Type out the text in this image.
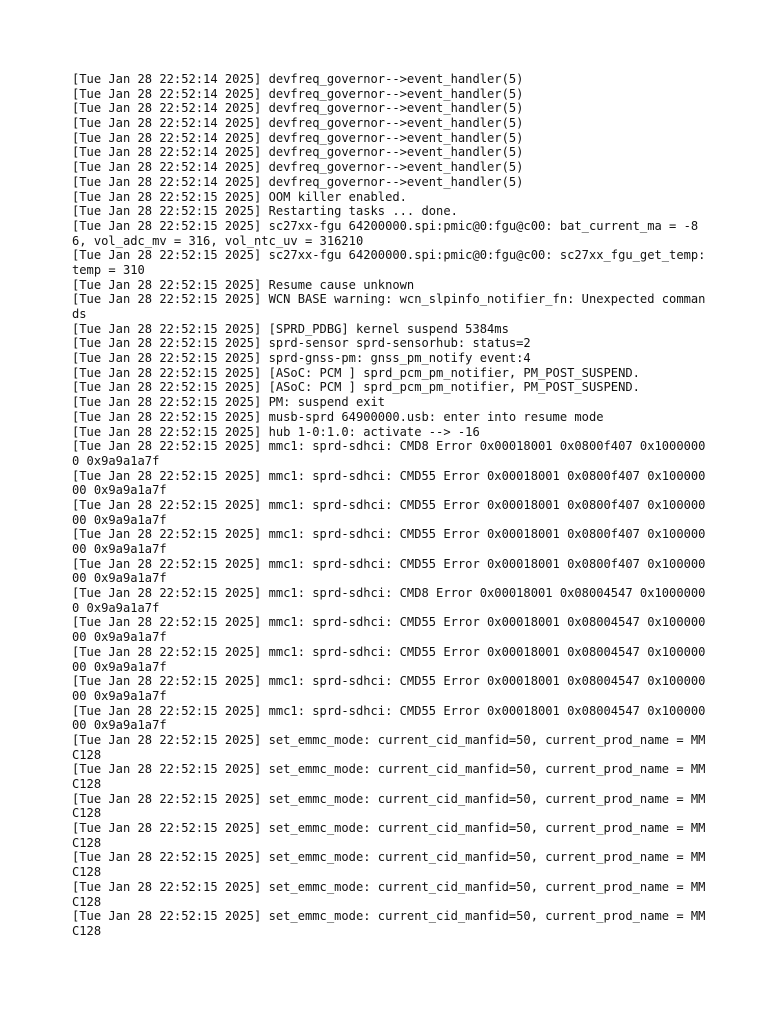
[Tue Jan 28 22:52:14 2025] devfreq_governor-->event_handler(5)
[Tue Jan 28 22:52:14 2025] devfreq_governor-->event_handler(5)
[Tue Jan 28 22:52:14 2025] devfreq_governor-->event_handler(5)
[Tue Jan 28 22:52:14 2025] devfreq_governor-->event_handler(5)
[Tue Jan 28 22:52:14 2025] devfreq_governor-->event_handler(5)
[Tue Jan 28 22:52:14 2025] devfreq_governor-->event_handler(5)
[Tue Jan 28 22:52:14 2025] devfreq_governor-->event_handler(5)
[Tue Jan 28 22:52:14 2025] devfreq_governor-->event_handler(5)
[Tue Jan 28 22:52:15 2025] OOM killer enabled.
[Tue Jan 28 22:52:15 2025] Restarting tasks ... done.
[Tue Jan 28 22:52:15 2025] sc27xx-fgu 64200000.spi:pmic@0:fgu@c00: bat_current_ma = -86, vol_adc_mv = 316, vol_ntc_uv = 316210
[Tue Jan 28 22:52:15 2025] sc27xx-fgu 64200000.spi:pmic@0:fgu@c00: sc27xx_fgu_get_temp: temp = 310
[Tue Jan 28 22:52:15 2025] Resume cause unknown
[Tue Jan 28 22:52:15 2025] WCN BASE warning: wcn_slpinfo_notifier_fn: Unexpected commands
[Tue Jan 28 22:52:15 2025] [SPRD_PDBG] kernel suspend 5384ms
[Tue Jan 28 22:52:15 2025] sprd-sensor sprd-sensorhub: status=2
[Tue Jan 28 22:52:15 2025] sprd-gnss-pm: gnss_pm_notify event:4
[Tue Jan 28 22:52:15 2025] [ASoC: PCM ] sprd_pcm_pm_notifier, PM_POST_SUSPEND.
[Tue Jan 28 22:52:15 2025] [ASoC: PCM ] sprd_pcm_pm_notifier, PM_POST_SUSPEND.
[Tue Jan 28 22:52:15 2025] PM: suspend exit
[Tue Jan 28 22:52:15 2025] musb-sprd 64900000.usb: enter into resume mode
[Tue Jan 28 22:52:15 2025] hub 1-0:1.0: activate --> -16
[Tue Jan 28 22:52:15 2025] mmc1: sprd-sdhci: CMD8 Error 0x00018001 0x0800f407 0x10000000 0x9a9a1a7f
[Tue Jan 28 22:52:15 2025] mmc1: sprd-sdhci: CMD55 Error 0x00018001 0x0800f407 0x10000000 0x9a9a1a7f
[Tue Jan 28 22:52:15 2025] mmc1: sprd-sdhci: CMD55 Error 0x00018001 0x0800f407 0x10000000 0x9a9a1a7f
[Tue Jan 28 22:52:15 2025] mmc1: sprd-sdhci: CMD55 Error 0x00018001 0x0800f407 0x10000000 0x9a9a1a7f
[Tue Jan 28 22:52:15 2025] mmc1: sprd-sdhci: CMD55 Error 0x00018001 0x0800f407 0x10000000 0x9a9a1a7f
[Tue Jan 28 22:52:15 2025] mmc1: sprd-sdhci: CMD8 Error 0x00018001 0x08004547 0x10000000 0x9a9a1a7f
[Tue Jan 28 22:52:15 2025] mmc1: sprd-sdhci: CMD55 Error 0x00018001 0x08004547 0x10000000 0x9a9a1a7f
[Tue Jan 28 22:52:15 2025] mmc1: sprd-sdhci: CMD55 Error 0x00018001 0x08004547 0x10000000 0x9a9a1a7f
[Tue Jan 28 22:52:15 2025] mmc1: sprd-sdhci: CMD55 Error 0x00018001 0x08004547 0x10000000 0x9a9a1a7f
[Tue Jan 28 22:52:15 2025] mmc1: sprd-sdhci: CMD55 Error 0x00018001 0x08004547 0x10000000 0x9a9a1a7f
[Tue Jan 28 22:52:15 2025] set_emmc_mode: current_cid_manfid=50, current_prod_name = MMC128
[Tue Jan 28 22:52:15 2025] set_emmc_mode: current_cid_manfid=50, current_prod_name = MMC128
[Tue Jan 28 22:52:15 2025] set_emmc_mode: current_cid_manfid=50, current_prod_name = MMC128
[Tue Jan 28 22:52:15 2025] set_emmc_mode: current_cid_manfid=50, current_prod_name = MMC128
[Tue Jan 28 22:52:15 2025] set_emmc_mode: current_cid_manfid=50, current_prod_name = MMC128
[Tue Jan 28 22:52:15 2025] set_emmc_mode: current_cid_manfid=50, current_prod_name = MMC128
[Tue Jan 28 22:52:15 2025] set_emmc_mode: current_cid_manfid=50, current_prod_name = MMC128
